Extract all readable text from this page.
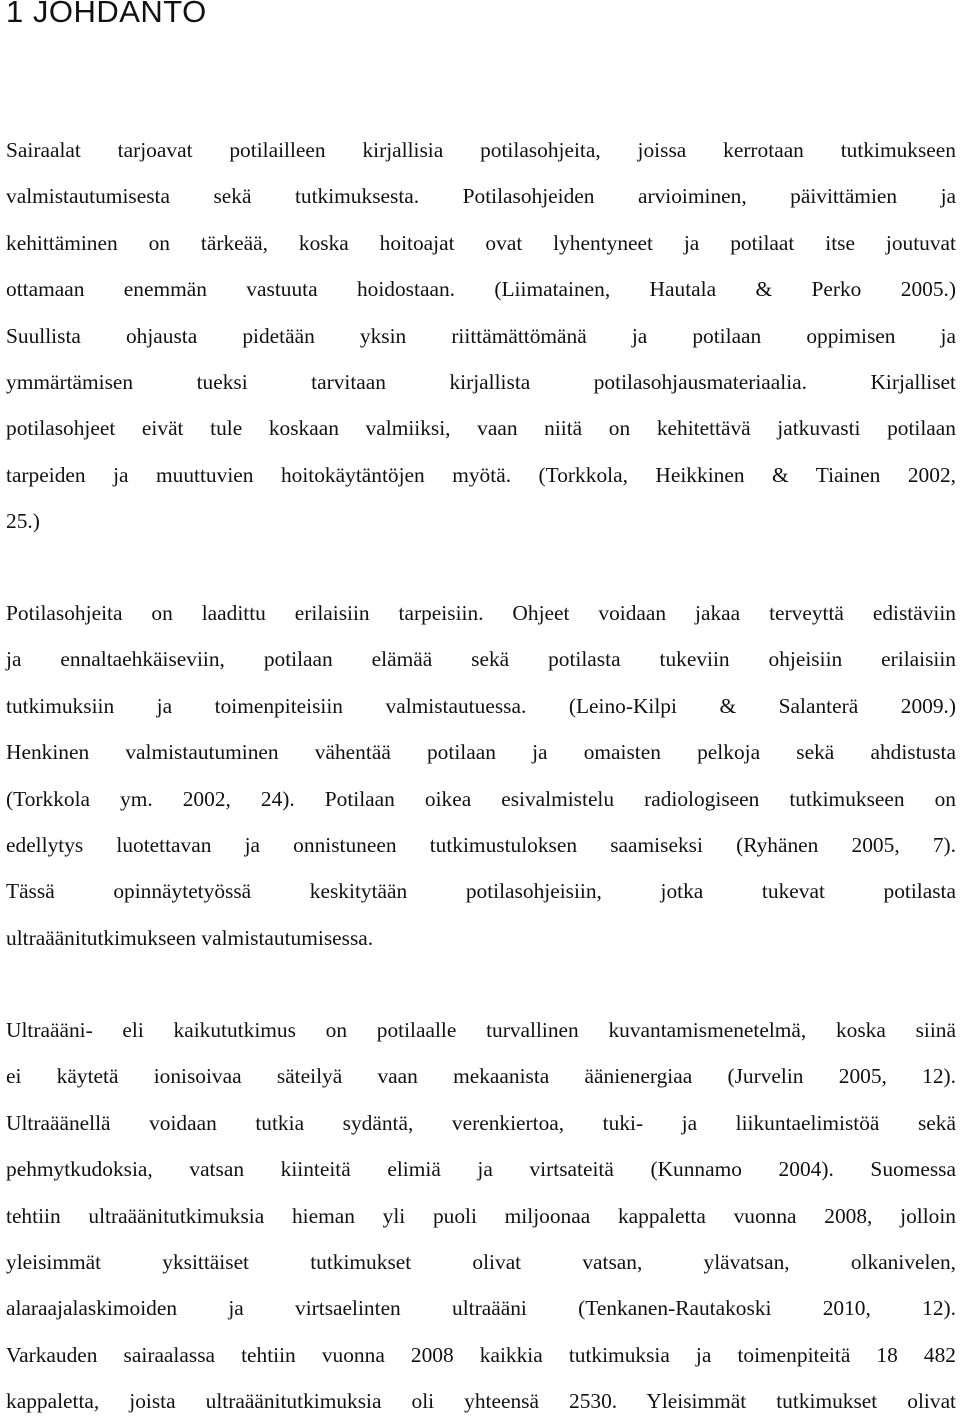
1 JOHDANTO
Sairaalat tarjoavat potilailleen kirjallisia potilasohjeita, joissa kerrotaan tutkimukseen
valmistautumisesta sekä tutkimuksesta. Potilasohjeiden arvioiminen, päivittämien ja
kehittäminen on tärkeää, koska hoitoajat ovat lyhentyneet ja potilaat itse joutuvat
ottamaan enemmän vastuuta hoidostaan. (Liimatainen, Hautala & Perko 2005.)
Suullista ohjausta pidetään yksin riittämättömänä ja potilaan oppimisen ja
ymmärtämisen tueksi tarvitaan kirjallista potilasohjausmateriaalia. Kirjalliset
potilasohjeet eivät tule koskaan valmiiksi, vaan niitä on kehitettävä jatkuvasti potilaan
tarpeiden ja muuttuvien hoitokäytäntöjen myötä. (Torkkola, Heikkinen & Tiainen 2002,
25.)
Potilasohjeita on laadittu erilaisiin tarpeisiin. Ohjeet voidaan jakaa terveyttä edistäviin
ja ennaltaehkäiseviin, potilaan elämää sekä potilasta tukeviin ohjeisiin erilaisiin
tutkimuksiin ja toimenpiteisiin valmistautuessa. (Leino-Kilpi & Salanterä 2009.)
Henkinen valmistautuminen vähentää potilaan ja omaisten pelkoja sekä ahdistusta
(Torkkola ym. 2002, 24). Potilaan oikea esivalmistelu radiologiseen tutkimukseen on
edellytys luotettavan ja onnistuneen tutkimustuloksen saamiseksi (Ryhänen 2005, 7).
Tässä opinnäytetyössä keskitytään potilasohjeisiin, jotka tukevat potilasta
ultraäänitutkimukseen valmistautumisessa.
Ultraääni- eli kaikututkimus on potilaalle turvallinen kuvantamismenetelmä, koska siinä
ei käytetä ionisoivaa säteilyä vaan mekaanista äänienergiaa (Jurvelin 2005, 12).
Ultraäänellä voidaan tutkia sydäntä, verenkiertoa, tuki- ja liikuntaelimistöä sekä
pehmytkudoksia, vatsan kiinteitä elimiä ja virtsateitä (Kunnamo 2004). Suomessa
tehtiin ultraäänitutkimuksia hieman yli puoli miljoonaa kappaletta vuonna 2008, jolloin
yleisimmät yksittäiset tutkimukset olivat vatsan, ylävatsan, olkanivelen,
alaraajalaskimoiden ja virtsaelinten ultraääni (Tenkanen-Rautakoski 2010, 12).
Varkauden sairaalassa tehtiin vuonna 2008 kaikkia tutkimuksia ja toimenpiteitä 18 482
kappaletta, joista ultraäänitutkimuksia oli yhteensä 2530. Yleisimmät tutkimukset olivat
